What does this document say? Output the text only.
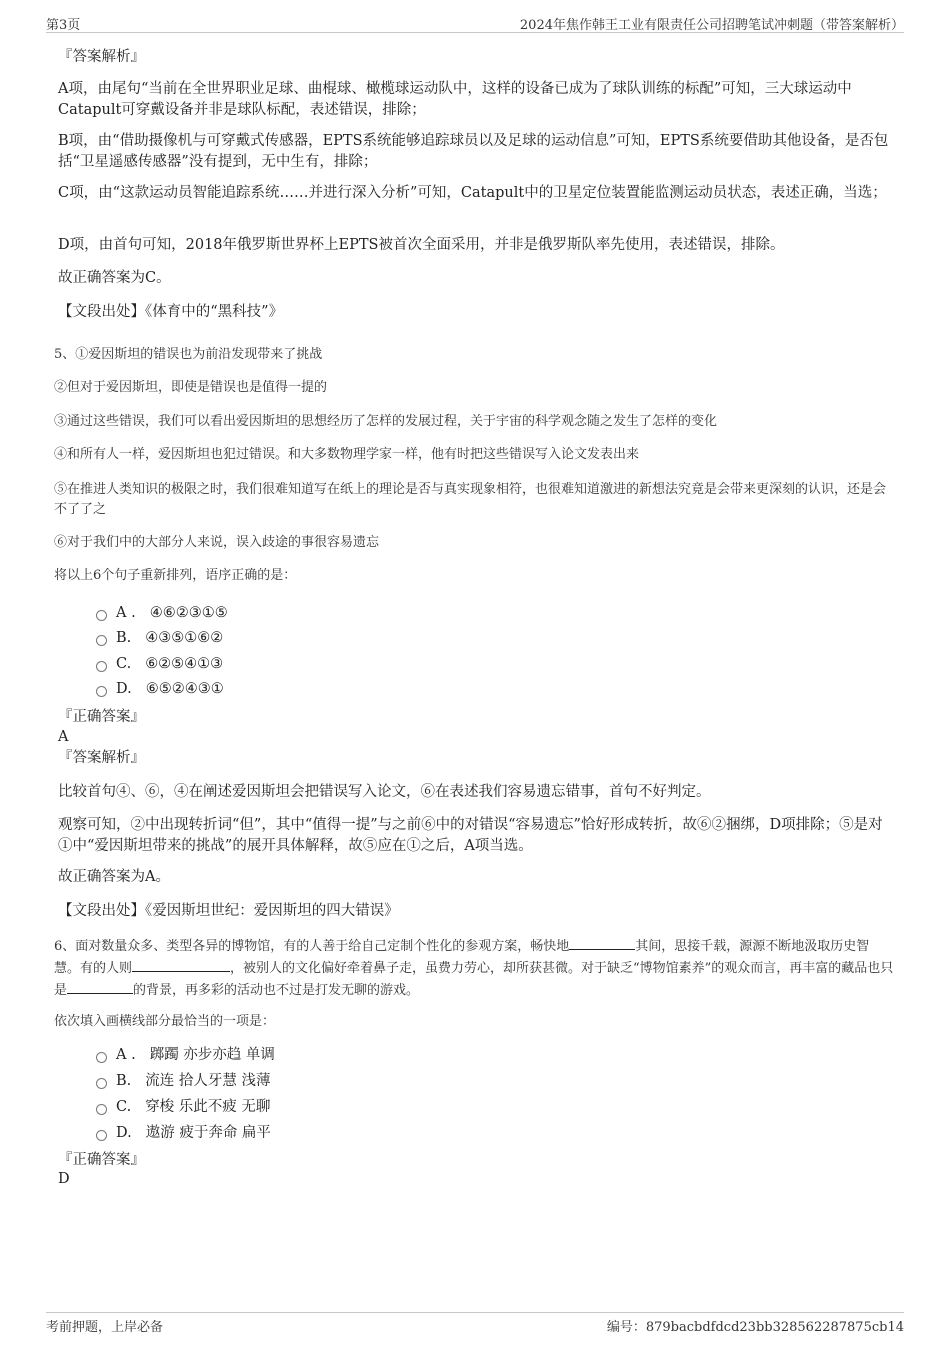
第3页	2024年焦作韩王工业有限责任公司招聘笔试冲刺题（带答案解析）
『答案解析』
A项，由尾句“当前在全世界职业足球、曲棍球、橄榄球运动队中，这样的设备已成为了球队训练的标配”可知，三大球运动中Catapult可穿戴设备并非是球队标配，表述错误，排除；
B项，由“借助摄像机与可穿戴式传感器，EPTS系统能够追踪球员以及足球的运动信息”可知，EPTS系统要借助其他设备，是否包括“卫星遥感传感器”没有提到，无中生有，排除；
C项，由“这款运动员智能追踪系统……并进行深入分析”可知，Catapult中的卫星定位装置能监测运动员状态，表述正确，当选；
D项，由首句可知，2018年俄罗斯世界杯上EPTS被首次全面采用，并非是俄罗斯队率先使用，表述错误，排除。
故正确答案为C。
【文段出处】《体育中的“黑科技”》
5、①爱因斯坦的错误也为前沿发现带来了挑战
②但对于爱因斯坦，即使是错误也是值得一提的
③通过这些错误，我们可以看出爱因斯坦的思想经历了怎样的发展过程，关于宇宙的科学观念随之发生了怎样的变化
④和所有人一样，爱因斯坦也犯过错误。和大多数物理学家一样，他有时把这些错误写入论文发表出来
⑤在推进人类知识的极限之时，我们很难知道写在纸上的理论是否与真实现象相符，也很难知道激进的新想法究竟是会带来更深刻的认识，还是会不了了之
⑥对于我们中的大部分人来说，误入歧途的事很容易遗忘
将以上6个句子重新排列，语序正确的是：
A . ④⑥②③①⑤
B. ④③⑤①⑥②
C. ⑥②⑤④①③
D. ⑥⑤②④③①
『正确答案』
A
『答案解析』
比较首句④、⑥，④在阐述爱因斯坦会把错误写入论文，⑥在表述我们容易遗忘错事，首句不好判定。
观察可知，②中出现转折词“但”，其中“值得一提”与之前⑥中的对错误“容易遗忘”恰好形成转折，故⑥②捆绑，D项排除；⑤是对①中“爱因斯坦带来的挑战”的展开具体解释，故⑤应在①之后，A项当选。
故正确答案为A。
【文段出处】《爱因斯坦世纪：爱因斯坦的四大错误》
6、面对数量众多、类型各异的博物馆，有的人善于给自己定制个性化的参观方案，畅快地	其间，思接千载，源源不断地汲取历史智慧。有的人则	，被别人的文化偏好牵着鼻子走，虽费力劳心，却所获甚微。对于缺乏“博物馆素养”的观众而言，再丰富的藏品也只是	的背景，再多彩的活动也不过是打发无聊的游戏。
依次填入画横线部分最恰当的一项是：
A . 踯躅 亦步亦趋 单调
B. 流连 拾人牙慧 浅薄
C. 穿梭 乐此不疲 无聊
D. 遨游 疲于奔命 扁平
『正确答案』
D
考前押题，上岸必备	编号：879bacbdfdcd23bb328562287875cb14
